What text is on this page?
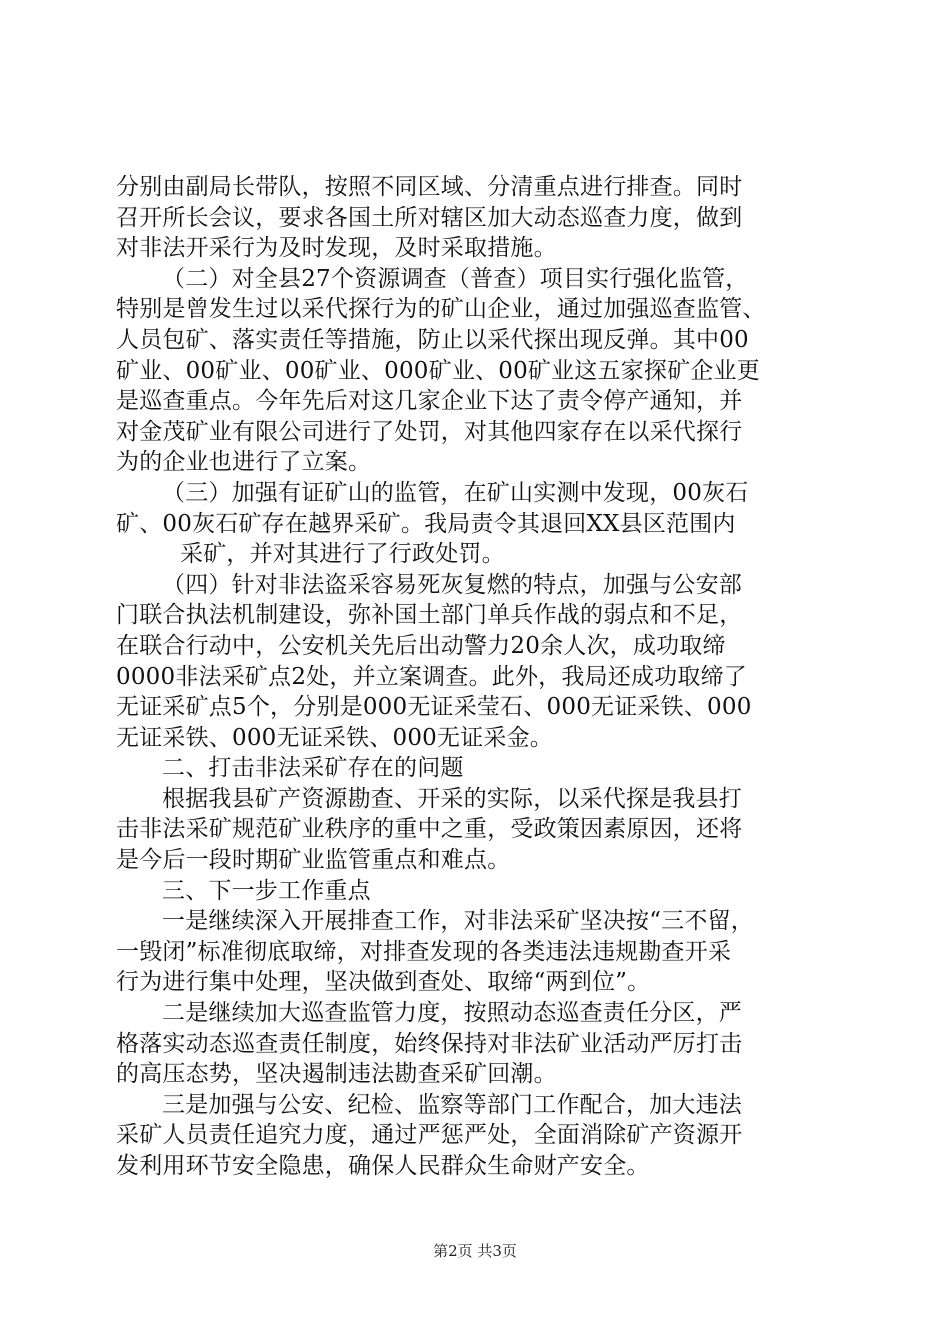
分别由副局长带队，按照不同区域、分清重点进行排查。同时
召开所长会议，要求各国土所对辖区加大动态巡查力度，做到
对非法开采行为及时发现，及时采取措施。
（二）对全县27个资源调查（普查）项目实行强化监管，
特别是曾发生过以采代探行为的矿山企业，通过加强巡查监管、
人员包矿、落实责任等措施，防止以采代探出现反弹。其中00
矿业、00矿业、00矿业、000矿业、00矿业这五家探矿企业更
是巡查重点。今年先后对这几家企业下达了责令停产通知，并
对金茂矿业有限公司进行了处罚，对其他四家存在以采代探行
为的企业也进行了立案。
（三）加强有证矿山的监管，在矿山实测中发现，00灰石
矿、00灰石矿存在越界采矿。我局责令其退回XX县区范围内
采矿，并对其进行了行政处罚。
（四）针对非法盗采容易死灰复燃的特点，加强与公安部
门联合执法机制建设，弥补国土部门单兵作战的弱点和不足，
在联合行动中，公安机关先后出动警力20余人次，成功取缔
0000非法采矿点2处，并立案调查。此外，我局还成功取缔了
无证采矿点5个，分别是000无证采莹石、000无证采铁、000
无证采铁、000无证采铁、000无证采金。
二、打击非法采矿存在的问题
根据我县矿产资源勘查、开采的实际，以采代探是我县打
击非法采矿规范矿业秩序的重中之重，受政策因素原因，还将
是今后一段时期矿业监管重点和难点。
三、下一步工作重点
一是继续深入开展排查工作，对非法采矿坚决按“三不留，
一毁闭”标准彻底取缔，对排查发现的各类违法违规勘查开采
行为进行集中处理，坚决做到查处、取缔“两到位”。
二是继续加大巡查监管力度，按照动态巡查责任分区，严
格落实动态巡查责任制度，始终保持对非法矿业活动严厉打击
的高压态势，坚决遏制违法勘查采矿回潮。
三是加强与公安、纪检、监察等部门工作配合，加大违法
采矿人员责任追究力度，通过严惩严处，全面消除矿产资源开
发利用环节安全隐患，确保人民群众生命财产安全。
第2页 共3页
